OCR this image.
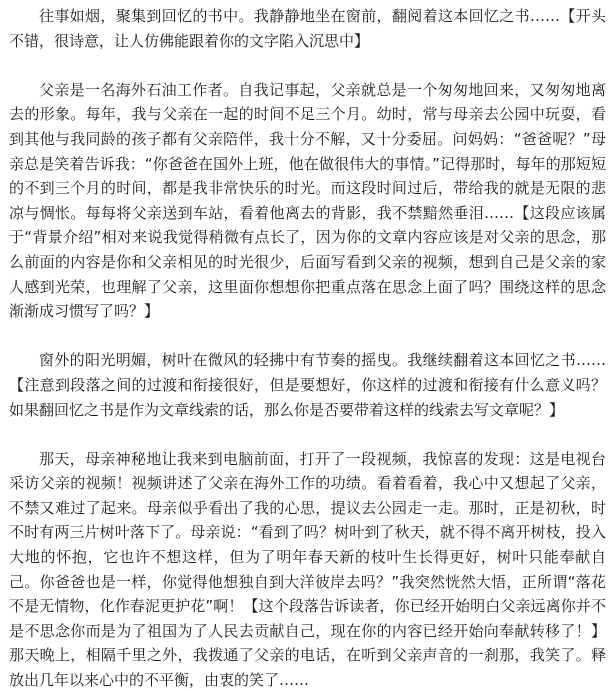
往事如烟，聚集到回忆的书中。我静静地坐在窗前，翻阅着这本回忆之书……【开头不错，很诗意，让人仿佛能跟着你的文字陷入沉思中】

父亲是一名海外石油工作者。自我记事起，父亲就总是一个匆匆地回来，又匆匆地离去的形象。每年，我与父亲在一起的时间不足三个月。幼时，常与母亲去公园中玩耍，看到其他与我同龄的孩子都有父亲陪伴，我十分不解，又十分委屈。问妈妈：“爸爸呢？”母亲总是笑着告诉我：“你爸爸在国外上班，他在做很伟大的事情。”记得那时，每年的那短短的不到三个月的时间，都是我非常快乐的时光。而这段时间过后，带给我的就是无限的悲凉与惆怅。每每将父亲送到车站，看着他离去的背影，我不禁黯然垂泪……【这段应该属于“背景介绍”相对来说我觉得稍微有点长了，因为你的文章内容应该是对父亲的思念，那么前面的内容是你和父亲相见的时光很少，后面写看到父亲的视频，想到自己是父亲的家人感到光荣，也理解了父亲，这里面你想想你把重点落在思念上面了吗？围绕这样的思念渐渐成习惯写了吗？】

窗外的阳光明媚，树叶在微风的轻拂中有节奏的摇曳。我继续翻着这本回忆之书……【注意到段落之间的过渡和衔接很好，但是要想好，你这样的过渡和衔接有什么意义吗？如果翻回忆之书是作为文章线索的话，那么你是否要带着这样的线索去写文章呢？】

那天，母亲神秘地让我来到电脑前面，打开了一段视频，我惊喜的发现：这是电视台采访父亲的视频！视频讲述了父亲在海外工作的功绩。看着看着，我心中又想起了父亲，不禁又难过了起来。母亲似乎看出了我的心思，提议去公园走一走。那时，正是初秋，时不时有两三片树叶落下了。母亲说：“看到了吗？树叶到了秋天，就不得不离开树枝，投入大地的怀抱，它也许不想这样，但为了明年春天新的枝叶生长得更好，树叶只能奉献自己。你爸爸也是一样，你觉得他想独自到大洋彼岸去吗？”我突然恍然大悟，正所谓“落花不是无情物，化作春泥更护花”啊！【这个段落告诉读者，你已经开始明白父亲远离你并不是不思念你而是为了祖国为了人民去贡献自己，现在你的内容已经开始向奉献转移了！】那天晚上，相隔千里之外，我拨通了父亲的电话，在听到父亲声音的一刹那，我笑了。释放出几年以来心中的不平衡，由衷的笑了……
